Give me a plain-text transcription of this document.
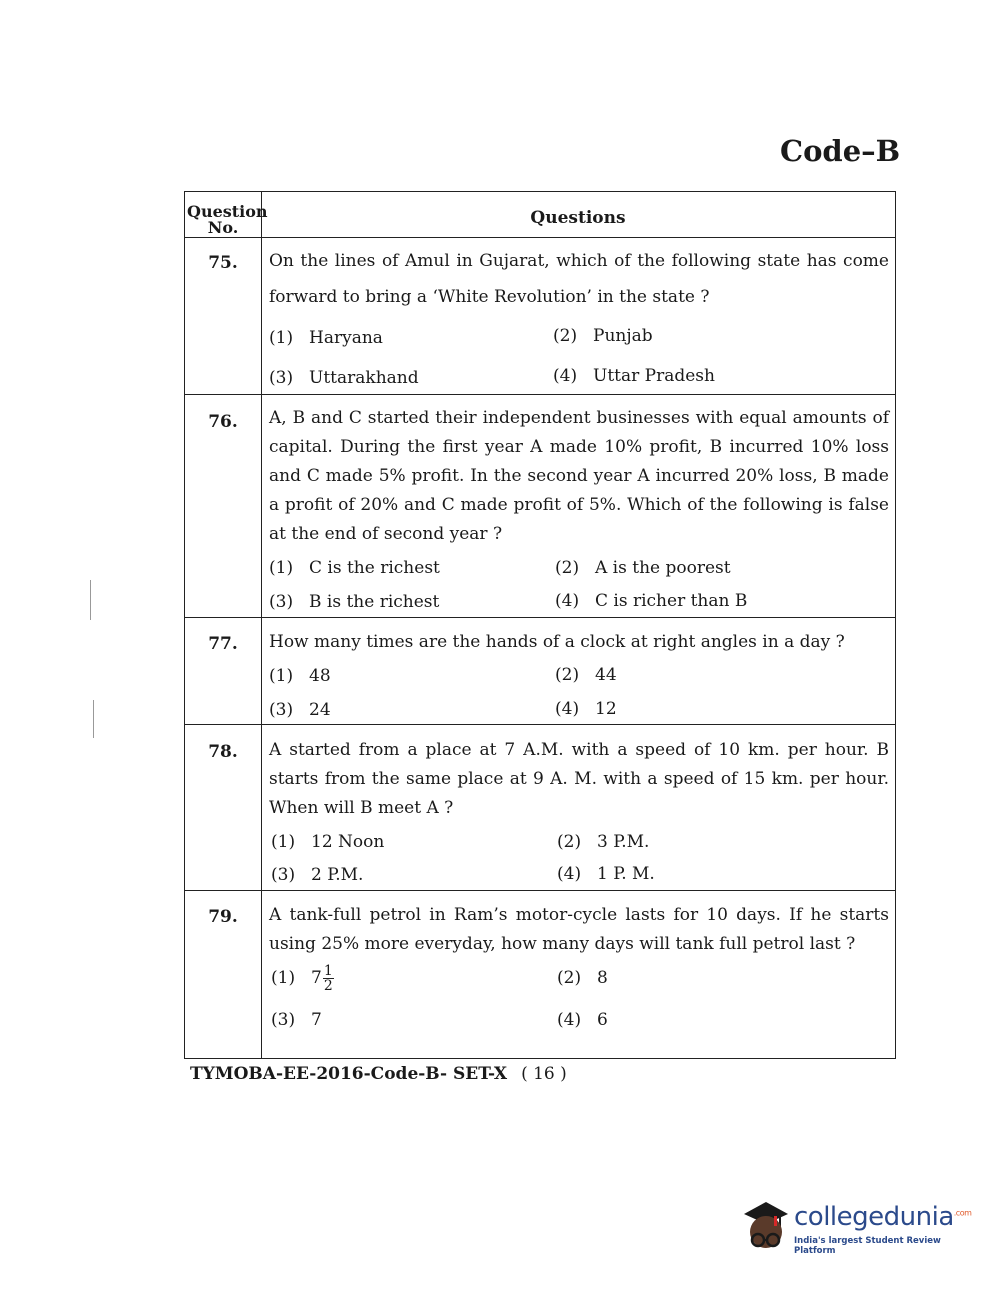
Code–B
Question No.	Questions
75.	On the lines of Amul in Gujarat, which of the following state has come forward to bring a ‘White Revolution’ in the state ?
(1) Haryana	(2) Punjab
(3) Uttarakhand	(4) Uttar Pradesh
76.	A, B and C started their independent businesses with equal amounts of capital. During the first year A made 10% profit, B incurred 10% loss and C made 5% profit. In the second year A incurred 20% loss, B made a profit of 20% and C made profit of 5%. Which of the following is false at the end of second year ?
(1) C is the richest	(2) A is the poorest
(3) B is the richest	(4) C is richer than B
77.	How many times are the hands of a clock at right angles in a day ?
(1) 48	(2) 44
(3) 24	(4) 12
78.	A started from a place at 7 A.M. with a speed of 10 km. per hour. B starts from the same place at 9 A. M. with a speed of 15 km. per hour. When will B meet A ?
(1) 12 Noon	(2) 3 P.M.
(3) 2 P.M.	(4) 1 P. M.
79.	A tank-full petrol in Ram’s motor-cycle lasts for 10 days. If he starts using 25% more everyday, how many days will tank full petrol last ?
(1) $7 \frac{1}{2}$	(2) 8
(3) 7	(4) 6
TYMOBA-EE-2016-Code-B- SET-X ( 16 )
collegedunia$^{.com}$
India's largest Student Review Platform
